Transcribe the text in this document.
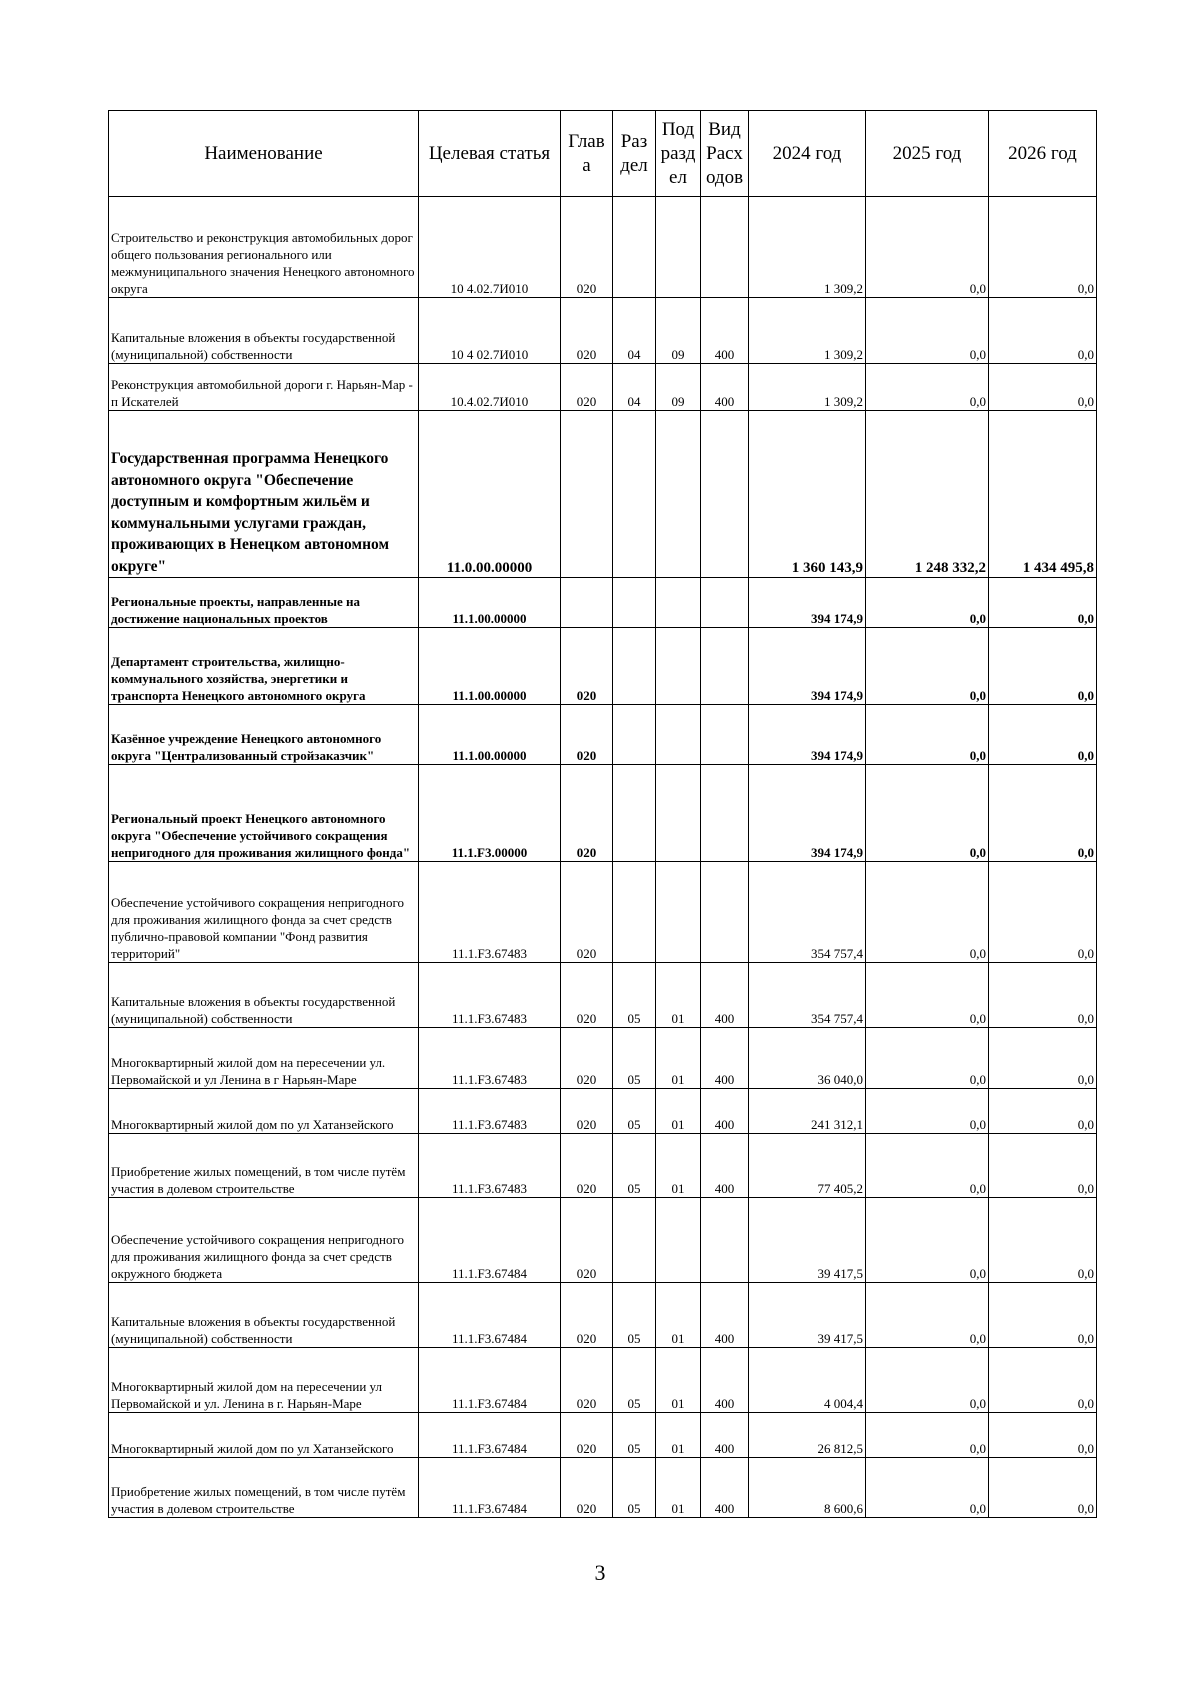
Наименование	Целевая статья	Глав а	Раз дел	Под разд ел	Вид Расх одов	2024 год	2025 год	2026 год
Строительство и реконструкция автомобильных дорог общего пользования регионального или межмуниципального значения Ненецкого автономного округа	10 4.02.7И010	020				1 309,2	0,0	0,0
Капитальные вложения в объекты государственной (муниципальной) собственности	10 4 02.7И010	020	04	09	400	1 309,2	0,0	0,0
Реконструкция автомобильной дороги г. Нарьян-Мар - п Искателей	10.4.02.7И010	020	04	09	400	1 309,2	0,0	0,0
Государственная программа Ненецкого автономного округа "Обеспечение доступным и комфортным жильём и коммунальными услугами граждан, проживающих в Ненецком автономном округе"	11.0.00.00000					1 360 143,9	1 248 332,2	1 434 495,8
Региональные проекты, направленные на достижение национальных проектов	11.1.00.00000					394 174,9	0,0	0,0
Департамент строительства, жилищно-коммунального хозяйства, энергетики и транспорта Ненецкого автономного округа	11.1.00.00000	020				394 174,9	0,0	0,0
Казённое учреждение Ненецкого автономного округа "Централизованный стройзаказчик"	11.1.00.00000	020				394 174,9	0,0	0,0
Региональный проект Ненецкого автономного округа "Обеспечение устойчивого сокращения непригодного для проживания жилищного фонда"	11.1.F3.00000	020				394 174,9	0,0	0,0
Обеспечение устойчивого сокращения непригодного для проживания жилищного фонда за счет средств публично-правовой компании "Фонд развития территорий"	11.1.F3.67483	020				354 757,4	0,0	0,0
Капитальные вложения в объекты государственной (муниципальной) собственности	11.1.F3.67483	020	05	01	400	354 757,4	0,0	0,0
Многоквартирный жилой дом на пересечении ул. Первомайской и ул Ленина в г Нарьян-Маре	11.1.F3.67483	020	05	01	400	36 040,0	0,0	0,0
Многоквартирный жилой дом по ул Хатанзейского	11.1.F3.67483	020	05	01	400	241 312,1	0,0	0,0
Приобретение жилых помещений, в том числе путём участия в долевом строительстве	11.1.F3.67483	020	05	01	400	77 405,2	0,0	0,0
Обеспечение устойчивого сокращения непригодного для проживания жилищного фонда за счет средств окружного бюджета	11.1.F3.67484	020				39 417,5	0,0	0,0
Капитальные вложения в объекты государственной (муниципальной) собственности	11.1.F3.67484	020	05	01	400	39 417,5	0,0	0,0
Многоквартирный жилой дом на пересечении ул Первомайской и ул. Ленина в г. Нарьян-Маре	11.1.F3.67484	020	05	01	400	4 004,4	0,0	0,0
Многоквартирный жилой дом по ул Хатанзейского	11.1.F3.67484	020	05	01	400	26 812,5	0,0	0,0
Приобретение жилых помещений, в том числе путём участия в долевом строительстве	11.1.F3.67484	020	05	01	400	8 600,6	0,0	0,0
3
